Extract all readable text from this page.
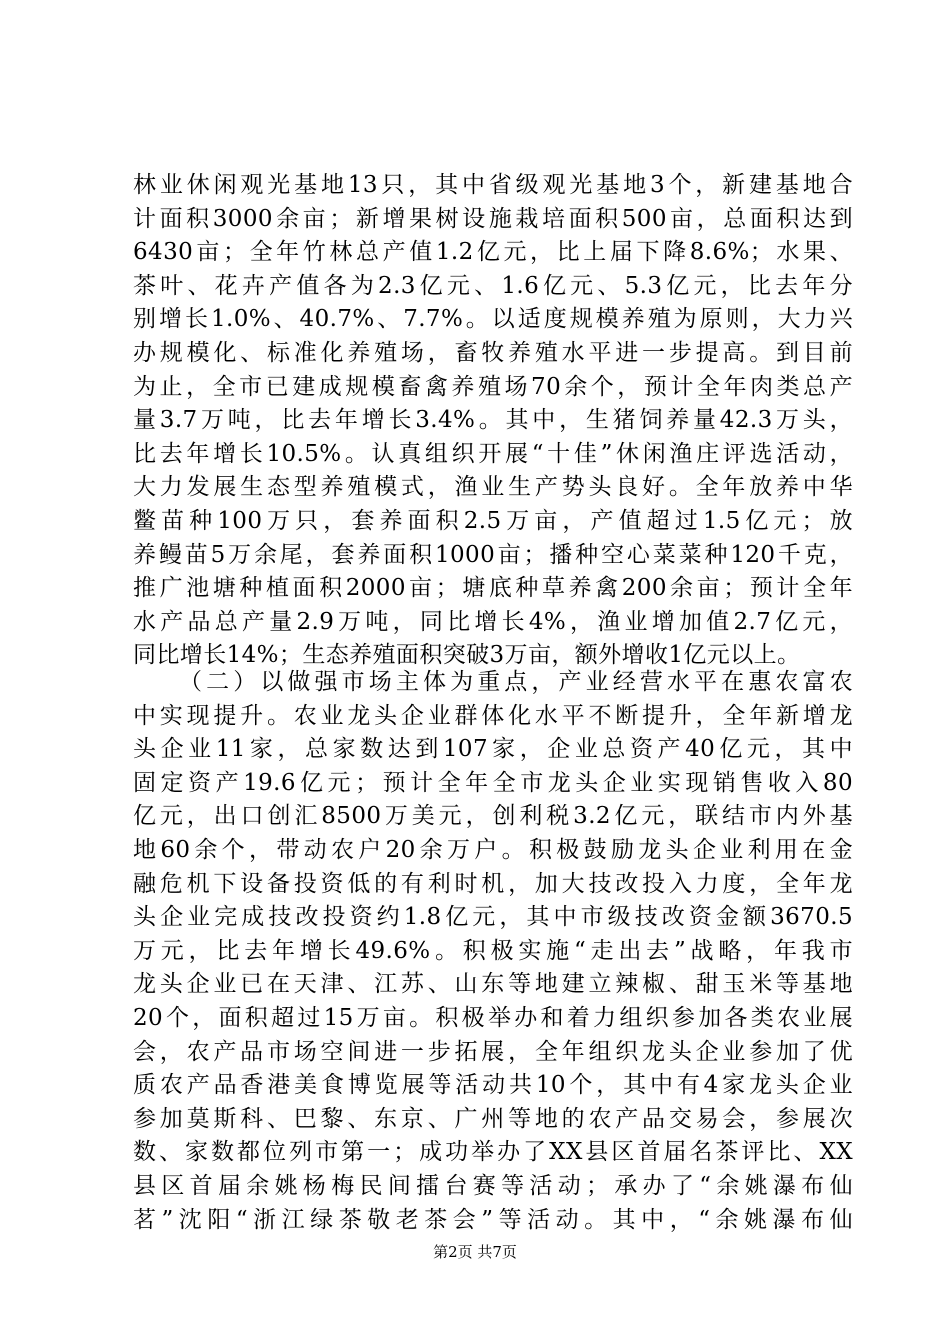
林业休闲观光基地13只，其中省级观光基地3个，新建基地合
计面积3000余亩；新增果树设施栽培面积500亩，总面积达到
6430亩；全年竹林总产值1.2亿元，比上届下降8.6%；水果、
茶叶、花卉产值各为2.3亿元、1.6亿元、5.3亿元，比去年分
别增长1.0%、40.7%、7.7%。以适度规模养殖为原则，大力兴
办规模化、标准化养殖场，畜牧养殖水平进一步提高。到目前
为止，全市已建成规模畜禽养殖场70余个，预计全年肉类总产
量3.7万吨，比去年增长3.4%。其中，生猪饲养量42.3万头，
比去年增长10.5%。认真组织开展“十佳”休闲渔庄评选活动，
大力发展生态型养殖模式，渔业生产势头良好。全年放养中华
鳖苗种100万只，套养面积2.5万亩，产值超过1.5亿元；放
养鳗苗5万余尾，套养面积1000亩；播种空心菜菜种120千克，
推广池塘种植面积2000亩；塘底种草养禽200余亩；预计全年
水产品总产量2.9万吨，同比增长4%，渔业增加值2.7亿元，
同比增长14%；生态养殖面积突破3万亩，额外增收1亿元以上。
（二）以做强市场主体为重点，产业经营水平在惠农富农
中实现提升。农业龙头企业群体化水平不断提升，全年新增龙
头企业11家，总家数达到107家，企业总资产40亿元，其中
固定资产19.6亿元；预计全年全市龙头企业实现销售收入80
亿元，出口创汇8500万美元，创利税3.2亿元，联结市内外基
地60余个，带动农户20余万户。积极鼓励龙头企业利用在金
融危机下设备投资低的有利时机，加大技改投入力度，全年龙
头企业完成技改投资约1.8亿元，其中市级技改资金额3670.5
万元，比去年增长49.6%。积极实施“走出去”战略，年我市
龙头企业已在天津、江苏、山东等地建立辣椒、甜玉米等基地
20个，面积超过15万亩。积极举办和着力组织参加各类农业展
会，农产品市场空间进一步拓展，全年组织龙头企业参加了优
质农产品香港美食博览展等活动共10个，其中有4家龙头企业
参加莫斯科、巴黎、东京、广州等地的农产品交易会，参展次
数、家数都位列市第一；成功举办了XX县区首届名茶评比、XX
县区首届余姚杨梅民间擂台赛等活动；承办了“余姚瀑布仙
茗”沈阳“浙江绿茶敬老茶会”等活动。其中，“余姚瀑布仙
第2页 共7页
